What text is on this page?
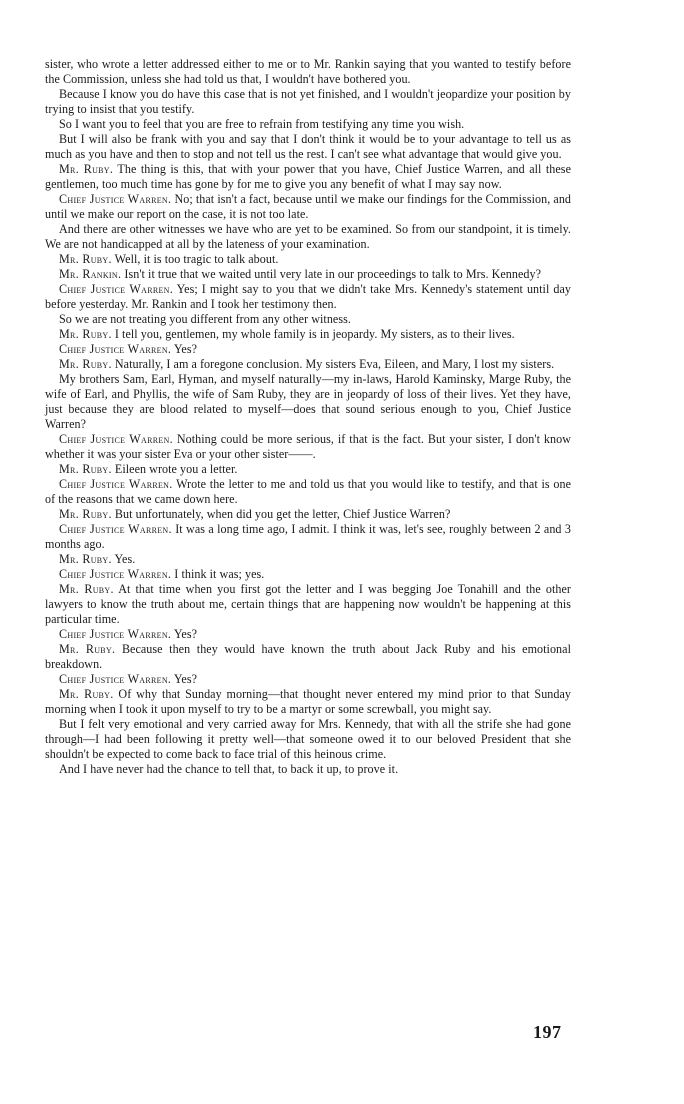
sister, who wrote a letter addressed either to me or to Mr. Rankin saying that you wanted to testify before the Commission, unless she had told us that, I wouldn't have bothered you.

Because I know you do have this case that is not yet finished, and I wouldn't jeopardize your position by trying to insist that you testify.

So I want you to feel that you are free to refrain from testifying any time you wish.

But I will also be frank with you and say that I don't think it would be to your advantage to tell us as much as you have and then to stop and not tell us the rest. I can't see what advantage that would give you.

Mr. Ruby. The thing is this, that with your power that you have, Chief Justice Warren, and all these gentlemen, too much time has gone by for me to give you any benefit of what I may say now.

Chief Justice Warren. No; that isn't a fact, because until we make our findings for the Commission, and until we make our report on the case, it is not too late.

And there are other witnesses we have who are yet to be examined. So from our standpoint, it is timely. We are not handicapped at all by the lateness of your examination.

Mr. Ruby. Well, it is too tragic to talk about.

Mr. Rankin. Isn't it true that we waited until very late in our proceedings to talk to Mrs. Kennedy?

Chief Justice Warren. Yes; I might say to you that we didn't take Mrs. Kennedy's statement until day before yesterday. Mr. Rankin and I took her testimony then.

So we are not treating you different from any other witness.

Mr. Ruby. I tell you, gentlemen, my whole family is in jeopardy. My sisters, as to their lives.

Chief Justice Warren. Yes?

Mr. Ruby. Naturally, I am a foregone conclusion. My sisters Eva, Eileen, and Mary, I lost my sisters.

My brothers Sam, Earl, Hyman, and myself naturally—my in-laws, Harold Kaminsky, Marge Ruby, the wife of Earl, and Phyllis, the wife of Sam Ruby, they are in jeopardy of loss of their lives. Yet they have, just because they are blood related to myself—does that sound serious enough to you, Chief Justice Warren?

Chief Justice Warren. Nothing could be more serious, if that is the fact. But your sister, I don't know whether it was your sister Eva or your other sister——.

Mr. Ruby. Eileen wrote you a letter.

Chief Justice Warren. Wrote the letter to me and told us that you would like to testify, and that is one of the reasons that we came down here.

Mr. Ruby. But unfortunately, when did you get the letter, Chief Justice Warren?

Chief Justice Warren. It was a long time ago, I admit. I think it was, let's see, roughly between 2 and 3 months ago.

Mr. Ruby. Yes.

Chief Justice Warren. I think it was; yes.

Mr. Ruby. At that time when you first got the letter and I was begging Joe Tonahill and the other lawyers to know the truth about me, certain things that are happening now wouldn't be happening at this particular time.

Chief Justice Warren. Yes?

Mr. Ruby. Because then they would have known the truth about Jack Ruby and his emotional breakdown.

Chief Justice Warren. Yes?

Mr. Ruby. Of why that Sunday morning—that thought never entered my mind prior to that Sunday morning when I took it upon myself to try to be a martyr or some screwball, you might say.

But I felt very emotional and very carried away for Mrs. Kennedy, that with all the strife she had gone through—I had been following it pretty well—that someone owed it to our beloved President that she shouldn't be expected to come back to face trial of this heinous crime.

And I have never had the chance to tell that, to back it up, to prove it.

197
